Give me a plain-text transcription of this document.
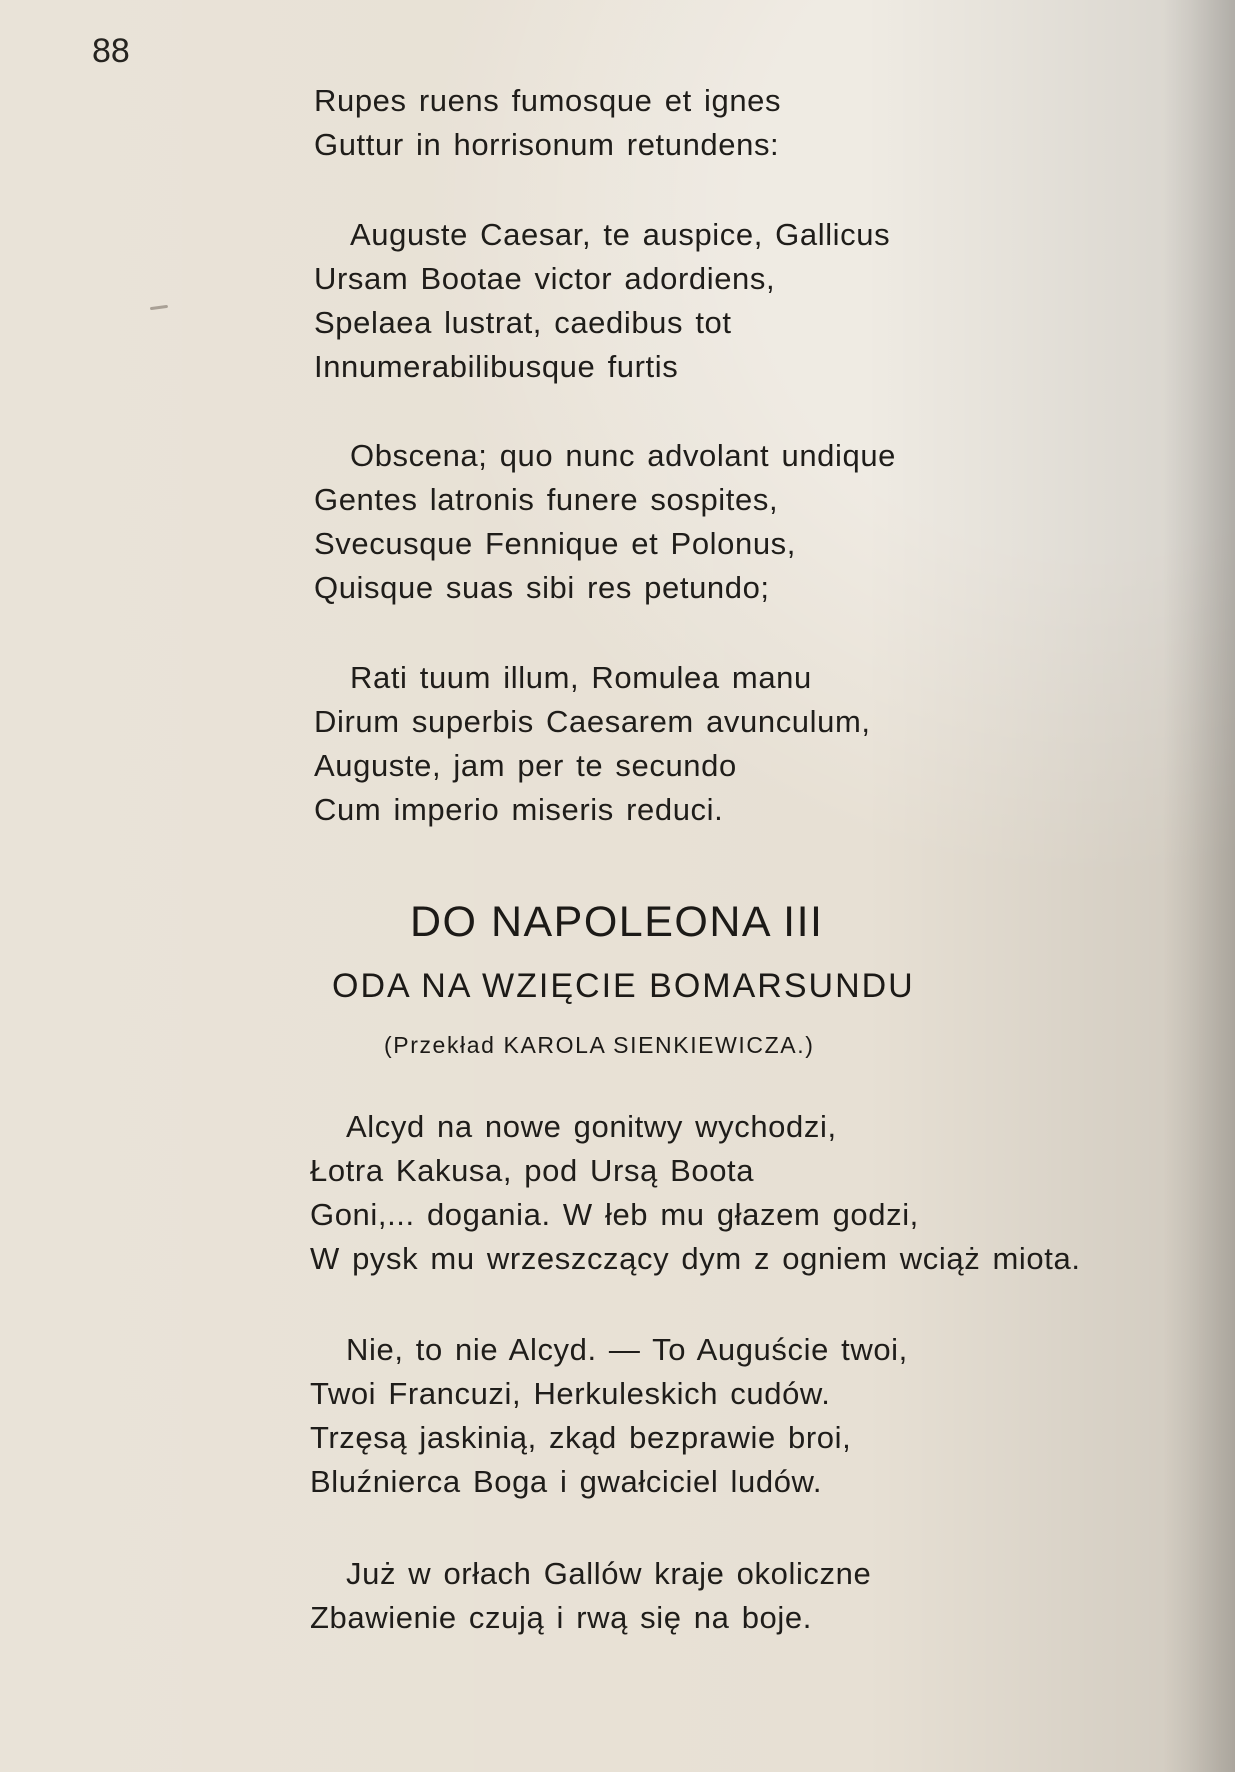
88
Rupes ruens fumosque et ignes
Guttur in horrisonum retundens:
Auguste Caesar, te auspice, Gallicus
Ursam Bootae victor adordiens,
Spelaea lustrat, caedibus tot
Innumerabilibusque furtis
Obscena; quo nunc advolant undique
Gentes latronis funere sospites,
Svecusque Fennique et Polonus,
Quisque suas sibi res petundo;
Rati tuum illum, Romulea manu
Dirum superbis Caesarem avunculum,
Auguste, jam per te secundo
Cum imperio miseris reduci.
DO NAPOLEONA III
ODA NA WZIĘCIE BOMARSUNDU
(Przekład KAROLA SIENKIEWICZA.)
Alcyd na nowe gonitwy wychodzi,
Łotra Kakusa, pod Ursą Boota
Goni,... dogania. W łeb mu głazem godzi,
W pysk mu wrzeszczący dym z ogniem wciąż miota.
Nie, to nie Alcyd. — To Auguście twoi,
Twoi Francuzi, Herkuleskich cudów.
Trzęsą jaskinią, zkąd bezprawie broi,
Bluźnierca Boga i gwałciciel ludów.
Już w orłach Gallów kraje okoliczne
Zbawienie czują i rwą się na boje.
